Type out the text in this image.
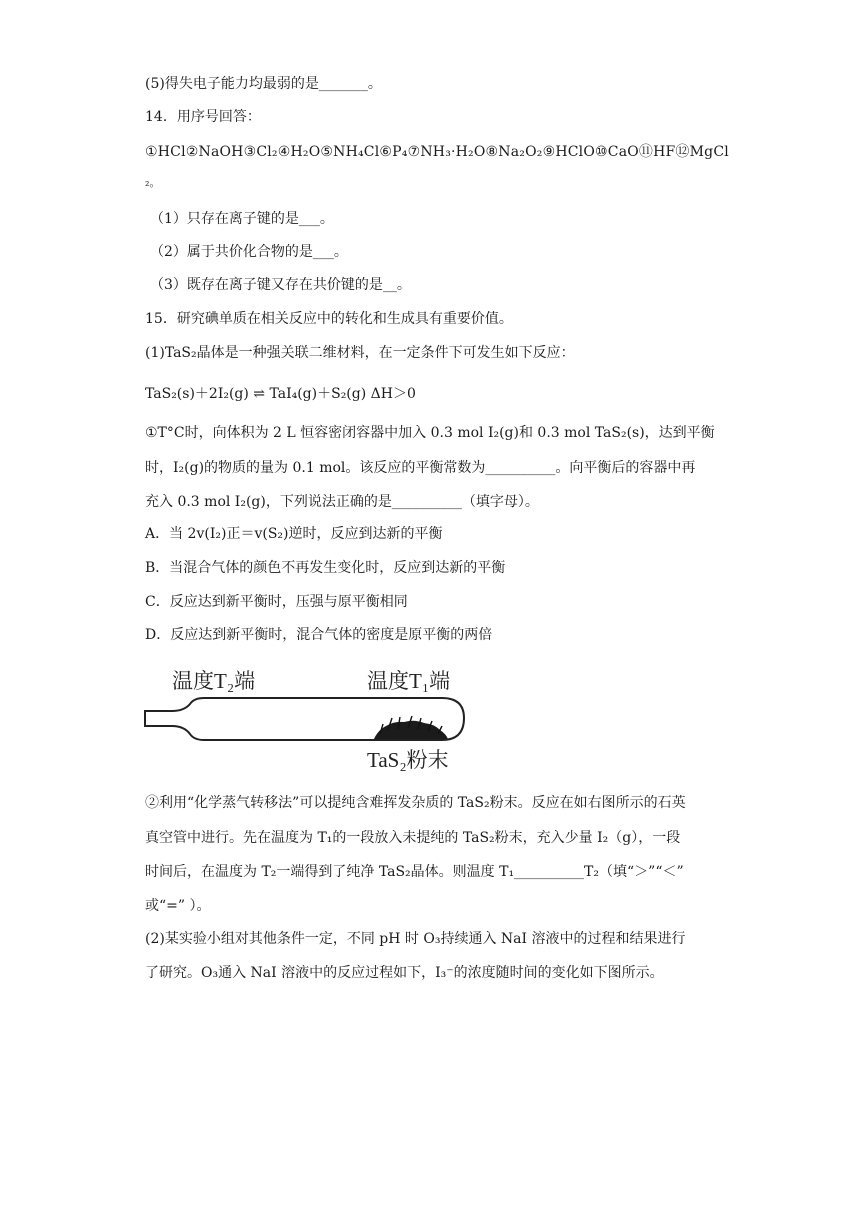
(5)得失电子能力均最弱的是_______。
14．用序号回答：
①HCl②NaOH③Cl₂④H₂O⑤NH₄Cl⑥P₄⑦NH₃·H₂O⑧Na₂O₂⑨HClO⑩CaO⑪HF⑫MgCl
₂。
（1）只存在离子键的是___。
（2）属于共价化合物的是___。
（3）既存在离子键又存在共价键的是__。
15．研究碘单质在相关反应中的转化和生成具有重要价值。
(1)TaS₂晶体是一种强关联二维材料，在一定条件下可发生如下反应：
TaS₂(s)＋2I₂(g) ⇌ TaI₄(g)＋S₂(g) ΔH＞0
①T°C时，向体积为 2 L 恒容密闭容器中加入 0.3 mol I₂(g)和 0.3 mol TaS₂(s)，达到平衡
时，I₂(g)的物质的量为 0.1 mol。该反应的平衡常数为__________。向平衡后的容器中再
充入 0.3 mol I₂(g)，下列说法正确的是__________（填字母）。
A．当 2v(I₂)正＝v(S₂)逆时，反应到达新的平衡
B．当混合气体的颜色不再发生变化时，反应到达新的平衡
C．反应达到新平衡时，压强与原平衡相同
D．反应达到新平衡时，混合气体的密度是原平衡的两倍
温度T₂端	温度T₁端
TaS₂粉末
②利用“化学蒸气转移法”可以提纯含难挥发杂质的 TaS₂粉末。反应在如右图所示的石英
真空管中进行。先在温度为 T₁的一段放入未提纯的 TaS₂粉末，充入少量 I₂（g），一段
时间后，在温度为 T₂一端得到了纯净 TaS₂晶体。则温度 T₁__________T₂（填“＞”“＜”
或“=” ）。
(2)某实验小组对其他条件一定，不同 pH 时 O₃持续通入 NaI 溶液中的过程和结果进行
了研究。O₃通入 NaI 溶液中的反应过程如下，I₃⁻的浓度随时间的变化如下图所示。
